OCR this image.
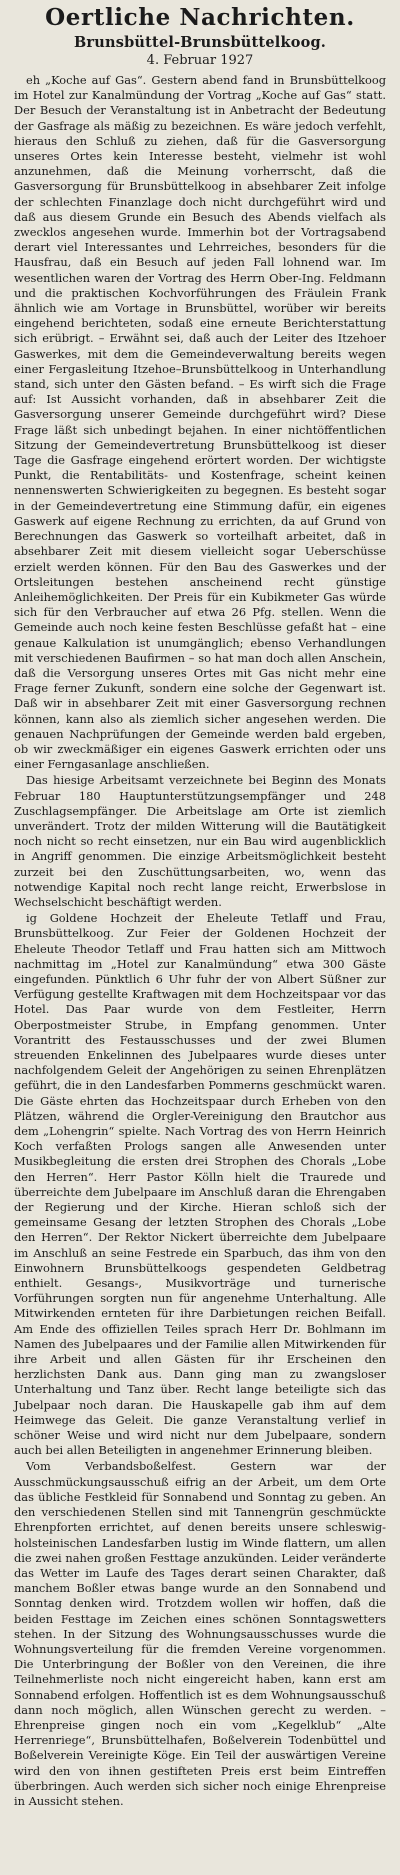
Oertliche Nachrichten.
Brunsbüttel-Brunsbüttelkoog.
4. Februar 1927

eh „Koche auf Gas“. Gestern abend fand in Brunsbüttelkoog im Hotel zur Kanalmündung der Vortrag „Koche auf Gas“ statt. Der Besuch der Veranstaltung ist in Anbetracht der Bedeutung der Gasfrage als mäßig zu bezeichnen. Es wäre jedoch verfehlt, hieraus den Schluß zu ziehen, daß für die Gasversorgung unseres Ortes kein Interesse besteht, vielmehr ist wohl anzunehmen, daß die Meinung vorherrscht, daß die Gasversorgung für Brunsbüttelkoog in absehbarer Zeit infolge der schlechten Finanzlage doch nicht durchgeführt wird und daß aus diesem Grunde ein Besuch des Abends vielfach als zwecklos angesehen wurde. Immerhin bot der Vortragsabend derart viel Interessantes und Lehrreiches, besonders für die Hausfrau, daß ein Besuch auf jeden Fall lohnend war. Im wesentlichen waren der Vortrag des Herrn Ober-Ing. Feldmann und die praktischen Kochvorführungen des Fräulein Frank ähnlich wie am Vortage in Brunsbüttel, worüber wir bereits eingehend berichteten, sodaß eine erneute Berichterstattung sich erübrigt. – Erwähnt sei, daß auch der Leiter des Itzehoer Gaswerkes, mit dem die Gemeindeverwaltung bereits wegen einer Fergasleitung Itzehoe–Brunsbüttelkoog in Unterhandlung stand, sich unter den Gästen befand. – Es wirft sich die Frage auf: Ist Aussicht vorhanden, daß in absehbarer Zeit die Gasversorgung unserer Gemeinde durchgeführt wird? Diese Frage läßt sich unbedingt bejahen. In einer nichtöffentlichen Sitzung der Gemeindevertretung Brunsbüttelkoog ist dieser Tage die Gasfrage eingehend erörtert worden. Der wichtigste Punkt, die Rentabilitäts- und Kostenfrage, scheint keinen nennenswerten Schwierigkeiten zu begegnen. Es besteht sogar in der Gemeindevertretung eine Stimmung dafür, ein eigenes Gaswerk auf eigene Rechnung zu errichten, da auf Grund von Berechnungen das Gaswerk so vorteilhaft arbeitet, daß in absehbarer Zeit mit diesem vielleicht sogar Ueberschüsse erzielt werden können. Für den Bau des Gaswerkes und der Ortsleitungen bestehen anscheinend recht günstige Anleihemöglichkeiten. Der Preis für ein Kubikmeter Gas würde sich für den Verbraucher auf etwa 26 Pfg. stellen. Wenn die Gemeinde auch noch keine festen Beschlüsse gefaßt hat – eine genaue Kalkulation ist unumgänglich; ebenso Verhandlungen mit verschiedenen Baufirmen – so hat man doch allen Anschein, daß die Versorgung unseres Ortes mit Gas nicht mehr eine Frage ferner Zukunft, sondern eine solche der Gegenwart ist. Daß wir in absehbarer Zeit mit einer Gasversorgung rechnen können, kann also als ziemlich sicher angesehen werden. Die genauen Nachprüfungen der Gemeinde werden bald ergeben, ob wir zweckmäßiger ein eigenes Gaswerk errichten oder uns einer Ferngasanlage anschließen.

Das hiesige Arbeitsamt verzeichnete bei Beginn des Monats Februar 180 Hauptunterstützungsempfänger und 248 Zuschlagsempfänger. Die Arbeitslage am Orte ist ziemlich unverändert. Trotz der milden Witterung will die Bautätigkeit noch nicht so recht einsetzen, nur ein Bau wird augenblicklich in Angriff genommen. Die einzige Arbeitsmöglichkeit besteht zurzeit bei den Zuschüttungsarbeiten, wo, wenn das notwendige Kapital noch recht lange reicht, Erwerbslose in Wechselschicht beschäftigt werden.

ig Goldene Hochzeit der Eheleute Tetlaff und Frau, Brunsbüttelkoog. Zur Feier der Goldenen Hochzeit der Eheleute Theodor Tetlaff und Frau hatten sich am Mittwoch nachmittag im „Hotel zur Kanalmündung“ etwa 300 Gäste eingefunden. Pünktlich 6 Uhr fuhr der von Albert Süßner zur Verfügung gestellte Kraftwagen mit dem Hochzeitspaar vor das Hotel. Das Paar wurde von dem Festleiter, Herrn Oberpostmeister Strube, in Empfang genommen. Unter Vorantritt des Festausschusses und der zwei Blumen streuenden Enkelinnen des Jubelpaares wurde dieses unter nachfolgendem Geleit der Angehörigen zu seinen Ehrenplätzen geführt, die in den Landesfarben Pommerns geschmückt waren. Die Gäste ehrten das Hochzeitspaar durch Erheben von den Plätzen, während die Orgler-Vereinigung den Brautchor aus dem „Lohengrin“ spielte. Nach Vortrag des von Herrn Heinrich Koch verfaßten Prologs sangen alle Anwesenden unter Musikbegleitung die ersten drei Strophen des Chorals „Lobe den Herren“. Herr Pastor Kölln hielt die Traurede und überreichte dem Jubelpaare im Anschluß daran die Ehrengaben der Regierung und der Kirche. Hieran schloß sich der gemeinsame Gesang der letzten Strophen des Chorals „Lobe den Herren“. Der Rektor Nickert überreichte dem Jubelpaare im Anschluß an seine Festrede ein Sparbuch, das ihm von den Einwohnern Brunsbüttelkoogs gespendeten Geldbetrag enthielt. Gesangs-, Musikvorträge und turnerische Vorführungen sorgten nun für angenehme Unterhaltung. Alle Mitwirkenden ernteten für ihre Darbietungen reichen Beifall. Am Ende des offiziellen Teiles sprach Herr Dr. Bohlmann im Namen des Jubelpaares und der Familie allen Mitwirkenden für ihre Arbeit und allen Gästen für ihr Erscheinen den herzlichsten Dank aus. Dann ging man zu zwangsloser Unterhaltung und Tanz über. Recht lange beteiligte sich das Jubelpaar noch daran. Die Hauskapelle gab ihm auf dem Heimwege das Geleit. Die ganze Veranstaltung verlief in schöner Weise und wird nicht nur dem Jubelpaare, sondern auch bei allen Beteiligten in angenehmer Erinnerung bleiben.

Vom Verbandsboßelfest. Gestern war der Ausschmückungsausschuß eifrig an der Arbeit, um dem Orte das übliche Festkleid für Sonnabend und Sonntag zu geben. An den verschiedenen Stellen sind mit Tannengrün geschmückte Ehrenpforten errichtet, auf denen bereits unsere schleswig-holsteinischen Landesfarben lustig im Winde flattern, um allen die zwei nahen großen Festtage anzukünden. Leider veränderte das Wetter im Laufe des Tages derart seinen Charakter, daß manchem Boßler etwas bange wurde an den Sonnabend und Sonntag denken wird. Trotzdem wollen wir hoffen, daß die beiden Festtage im Zeichen eines schönen Sonntagswetters stehen. In der Sitzung des Wohnungsausschusses wurde die Wohnungsverteilung für die fremden Vereine vorgenommen. Die Unterbringung der Boßler von den Vereinen, die ihre Teilnehmerliste noch nicht eingereicht haben, kann erst am Sonnabend erfolgen. Hoffentlich ist es dem Wohnungsausschuß dann noch möglich, allen Wünschen gerecht zu werden. – Ehrenpreise gingen noch ein vom „Kegelklub“ „Alte Herrenriege“, Brunsbüttelhafen, Boßelverein Todenbüttel und Boßelverein Vereinigte Köge. Ein Teil der auswärtigen Vereine wird den von ihnen gestifteten Preis erst beim Eintreffen überbringen. Auch werden sich sicher noch einige Ehrenpreise in Aussicht stehen.
